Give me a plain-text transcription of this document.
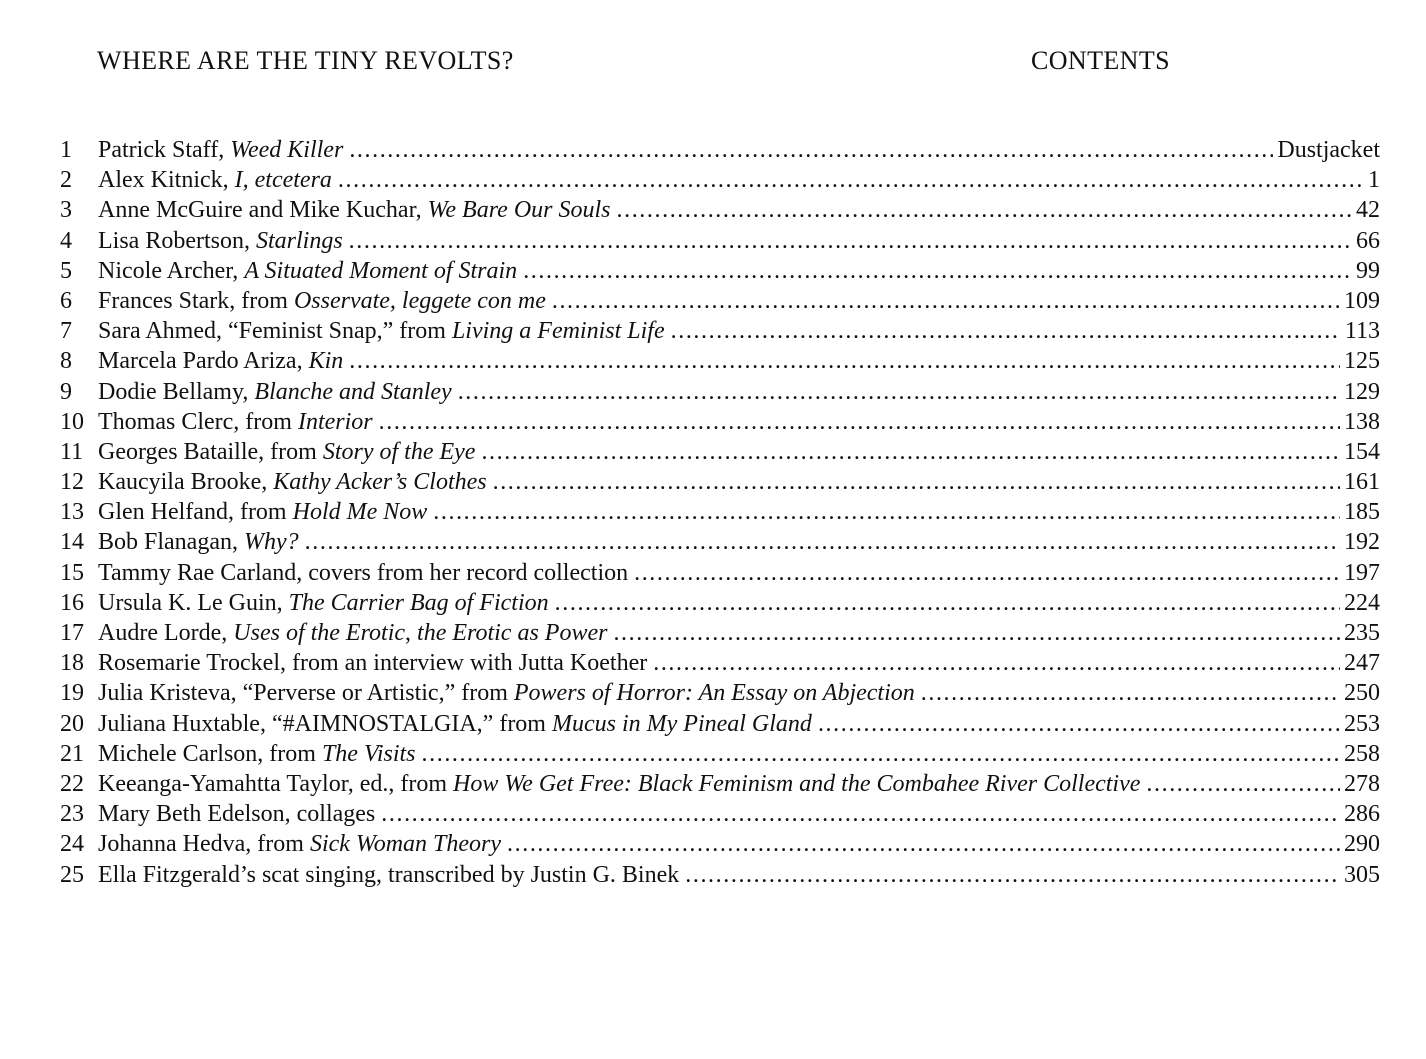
WHERE ARE THE TINY REVOLTS?	CONTENTS
1	Patrick Staff, Weed Killer .....	Dustjacket
2	Alex Kitnick, I, etcetera .....	1
3	Anne McGuire and Mike Kuchar, We Bare Our Souls .....	42
4	Lisa Robertson, Starlings .....	66
5	Nicole Archer, A Situated Moment of Strain .....	99
6	Frances Stark, from Osservate, leggete con me .....	109
7	Sara Ahmed, “Feminist Snap,” from Living a Feminist Life .....	113
8	Marcela Pardo Ariza, Kin .....	125
9	Dodie Bellamy, Blanche and Stanley .....	129
10 Thomas Clerc, from Interior .....	138
11 Georges Bataille, from Story of the Eye .....	154
12 Kaucyila Brooke, Kathy Acker’s Clothes .....	161
13 Glen Helfand, from Hold Me Now .....	185
14 Bob Flanagan, Why? .....	192
15 Tammy Rae Carland, covers from her record collection .....	197
16 Ursula K. Le Guin, The Carrier Bag of Fiction .....	224
17 Audre Lorde, Uses of the Erotic, the Erotic as Power .....	235
18 Rosemarie Trockel, from an interview with Jutta Koether .....	247
19 Julia Kristeva, “Perverse or Artistic,” from Powers of Horror: An Essay on Abjection .....	250
20 Juliana Huxtable, “#AIMNOSTALGIA,” from Mucus in My Pineal Gland .....	253
21 Michele Carlson, from The Visits .....	258
22 Keeanga-Yamahtta Taylor, ed., from How We Get Free: Black Feminism and the Combahee River Collective .....	278
23 Mary Beth Edelson, collages .....	286
24 Johanna Hedva, from Sick Woman Theory .....	290
25 Ella Fitzgerald’s scat singing, transcribed by Justin G. Binek .....	305
